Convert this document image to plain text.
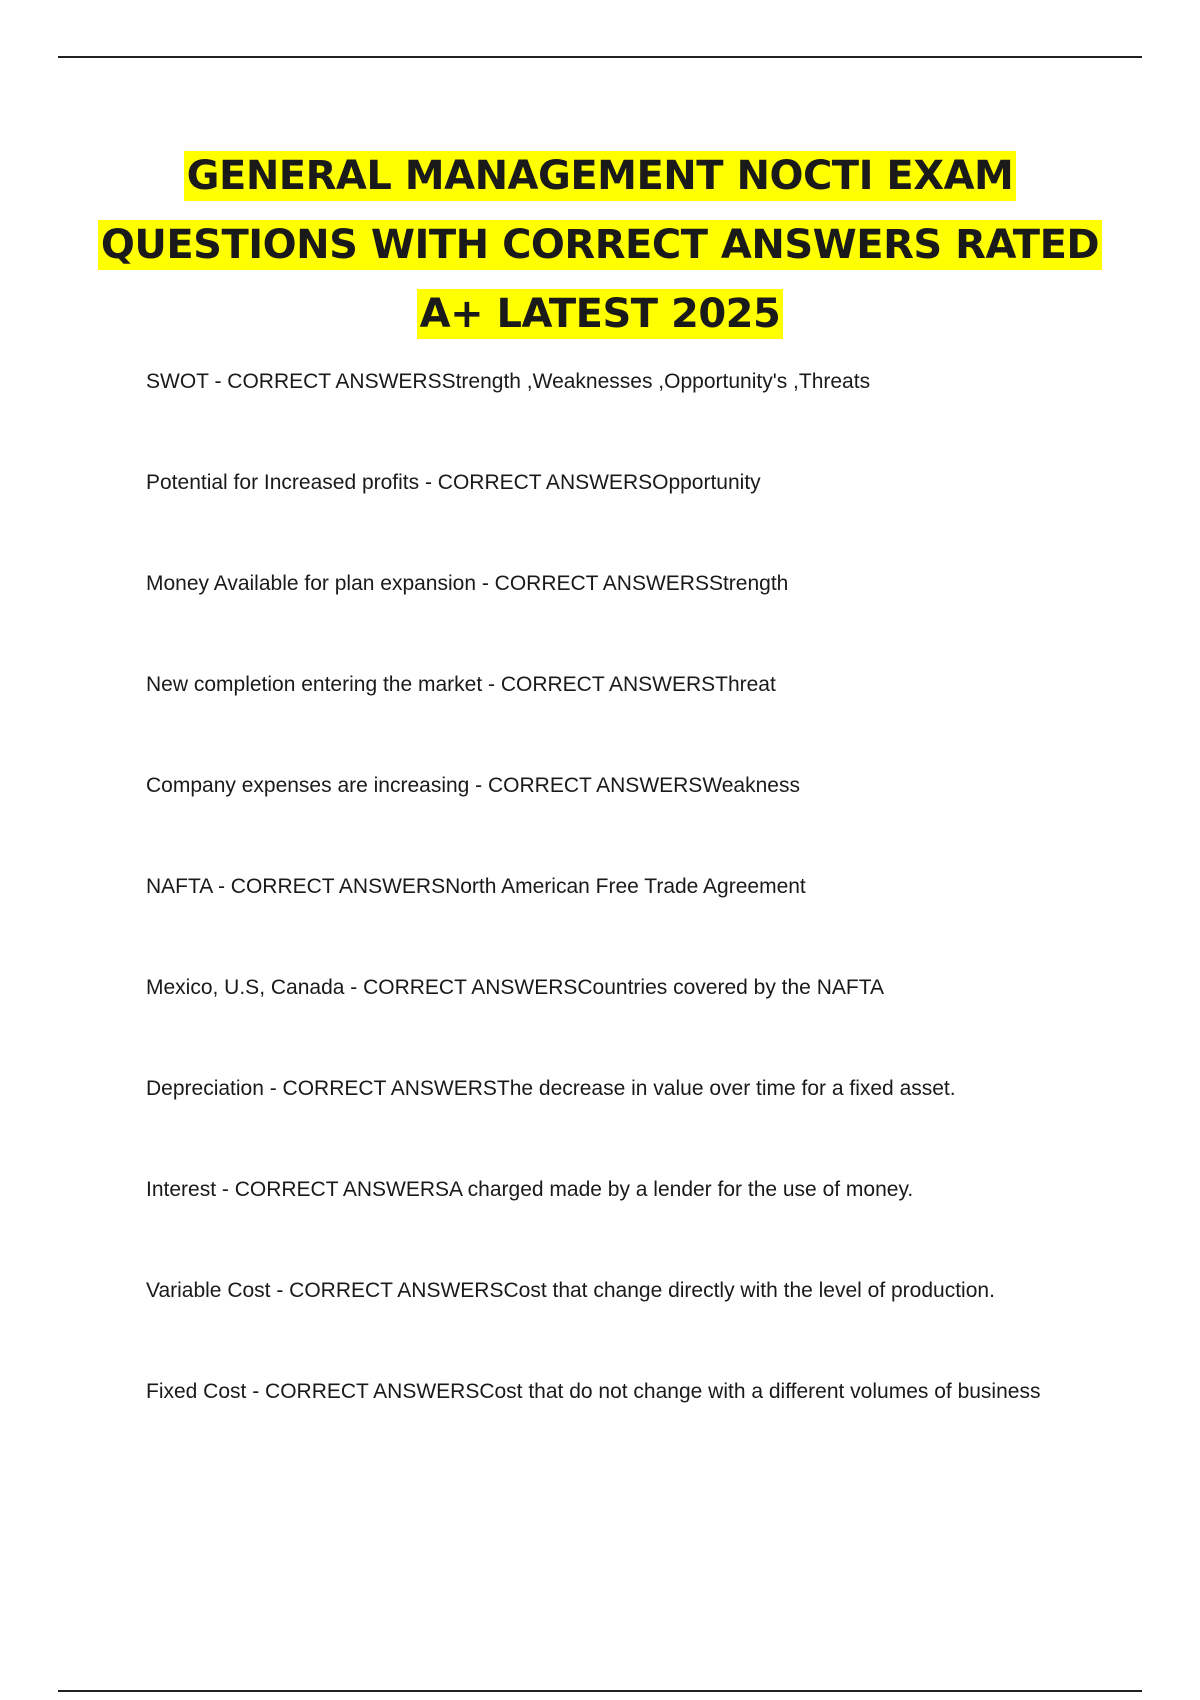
GENERAL MANAGEMENT NOCTI EXAM
QUESTIONS WITH CORRECT ANSWERS RATED
A+ LATEST 2025
SWOT - CORRECT ANSWERSStrength ,Weaknesses ,Opportunity's ,Threats
Potential for Increased profits - CORRECT ANSWERSOpportunity
Money Available for plan expansion - CORRECT ANSWERSStrength
New completion entering the market - CORRECT ANSWERSThreat
Company expenses are increasing - CORRECT ANSWERSWeakness
NAFTA - CORRECT ANSWERSNorth American Free Trade Agreement
Mexico, U.S, Canada - CORRECT ANSWERSCountries covered by the NAFTA
Depreciation - CORRECT ANSWERSThe decrease in value over time for a fixed asset.
Interest - CORRECT ANSWERSA charged made by a lender for the use of money.
Variable Cost - CORRECT ANSWERSCost that change directly with the level of production.
Fixed Cost - CORRECT ANSWERSCost that do not change with a different volumes of business
